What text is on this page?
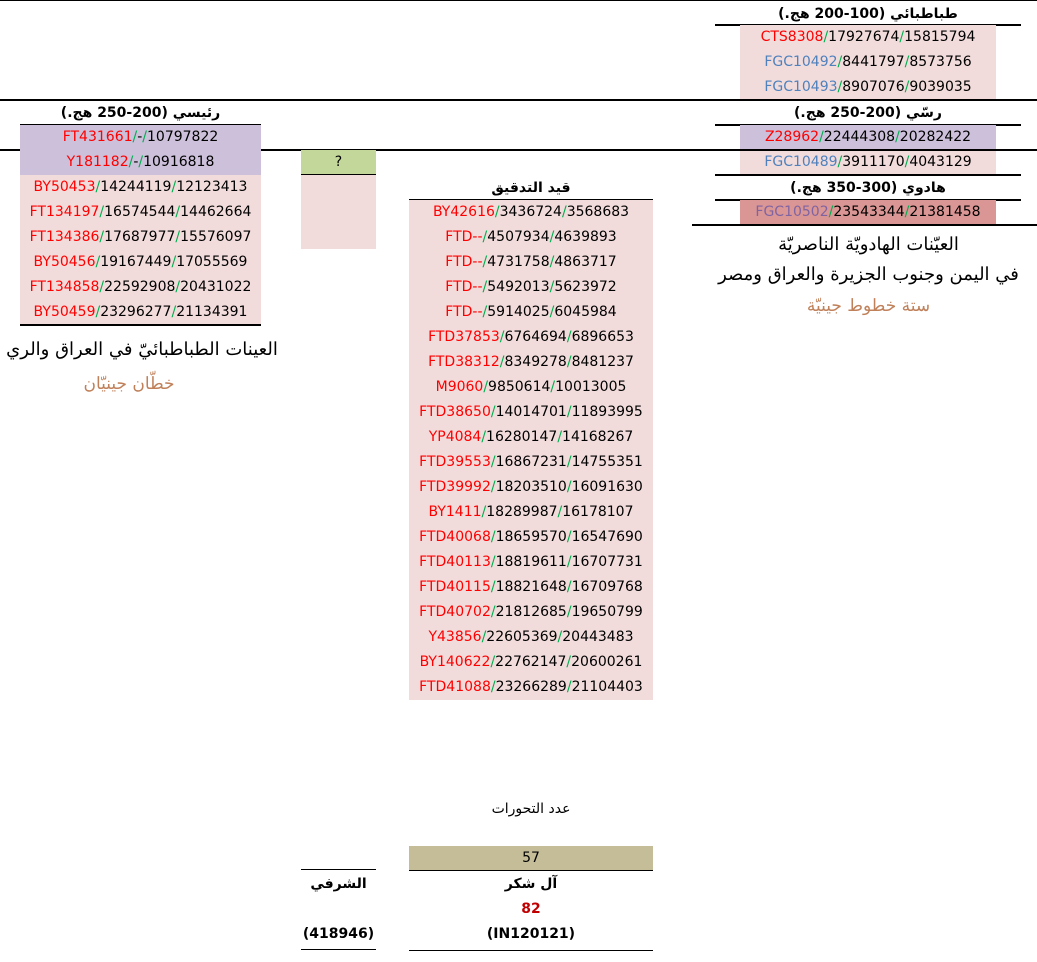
طباطبائي (100-200 هج.)
CTS8308/17927674/15815794
FGC10492/8441797/8573756
FGC10493/8907076/9039035
رسّي (200-250 هج.)
Z28962/22444308/20282422
FGC10489/3911170/4043129
هادوي (300-350 هج.)
FGC10502/23543344/21381458
رئيسي (200-250 هج.)
FT431661/-/10797822
Y181182/-/10916818
BY50453/14244119/12123413
FT134197/16574544/14462664
FT134386/17687977/15576097
BY50456/19167449/17055569
FT134858/22592908/20431022
BY50459/23296277/21134391
?
قيد التدقيق
BY42616/3436724/3568683
FTD--/4507934/4639893
FTD--/4731758/4863717
FTD--/5492013/5623972
FTD--/5914025/6045984
FTD37853/6764694/6896653
FTD38312/8349278/8481237
M9060/9850614/10013005
FTD38650/14014701/11893995
YP4084/16280147/14168267
FTD39553/16867231/14755351
FTD39992/18203510/16091630
BY1411/18289987/16178107
FTD40068/18659570/16547690
FTD40113/18819611/16707731
FTD40115/18821648/16709768
FTD40702/21812685/19650799
Y43856/22605369/20443483
BY140622/22762147/20600261
FTD41088/23266289/21104403
العيّنات الهادويّة الناصريّة
في اليمن وجنوب الجزيرة والعراق ومصر
ستة خطوط جينيّة
العينات الطباطبائيّ في العراق والري
خطّان جينيّان
عدد التحورات
57
الشرفي	آل شكر
82
(418946)	(IN120121)
